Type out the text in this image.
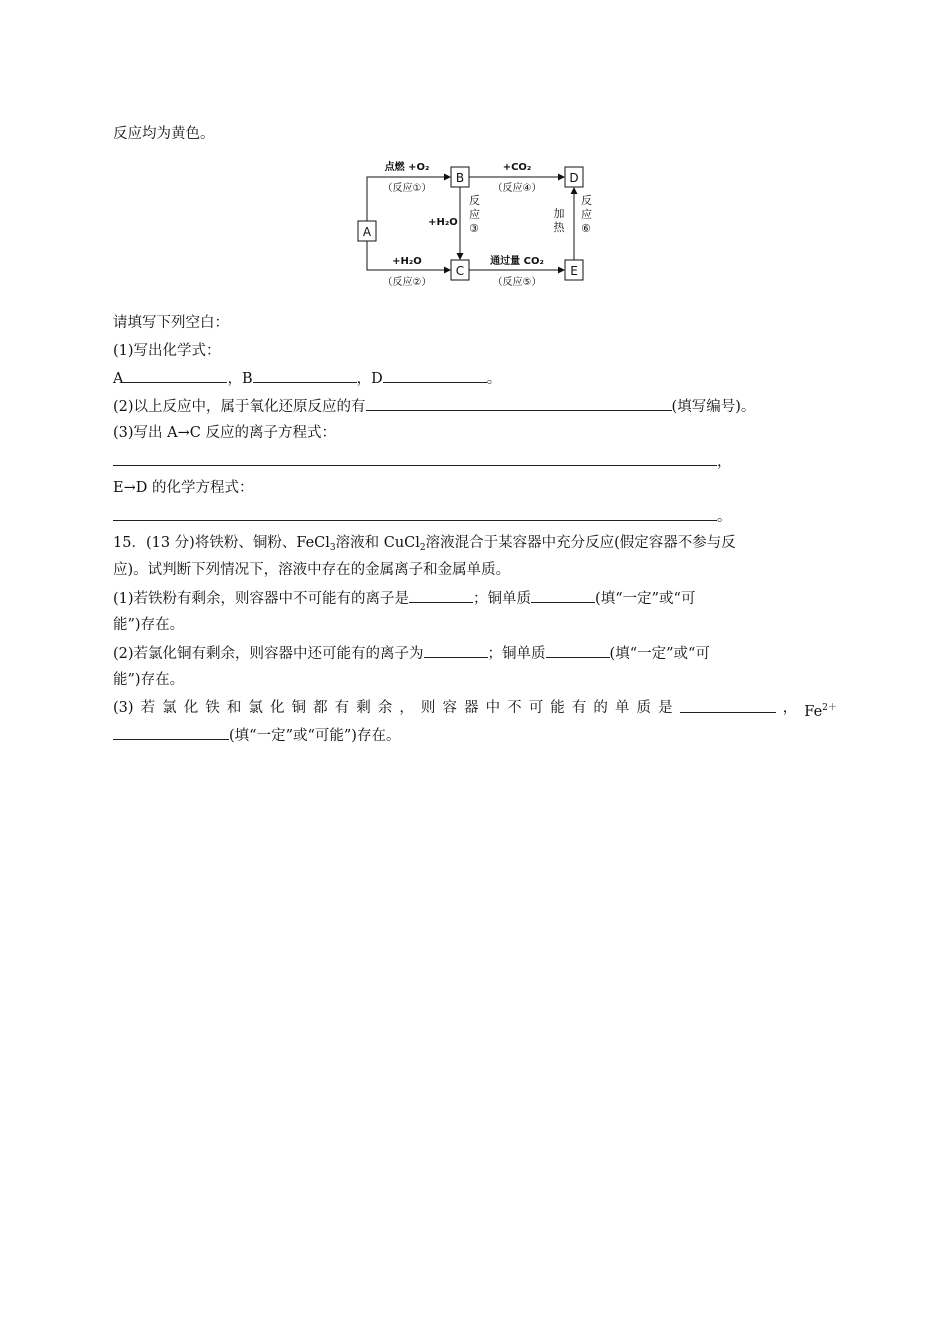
反应均为黄色。
A
B
C
D
E
点燃 +O₂
（反应①）
+CO₂
（反应④）
+H₂O
反
应
③
加
热
反
应
⑥
+H₂O
（反应②）
通过量 CO₂
（反应⑤）
请填写下列空白：
(1)写出化学式：
A	，B	，D	。
(2)以上反应中，属于氧化还原反应的有	(填写编号)。
(3)写出 A→C 反应的离子方程式：
，
E→D 的化学方程式：
。
15．(13 分)将铁粉、铜粉、FeCl$_3$溶液和 CuCl$_2$溶液混合于某容器中充分反应(假定容器不参与反
应)。试判断下列情况下，溶液中存在的金属离子和金属单质。
(1)若铁粉有剩余，则容器中不可能有的离子是	；铜单质	(填“一定”或“可
能”)存在。
(2)若氯化铜有剩余，则容器中还可能有的离子为	；铜单质	(填“一定”或“可
能”)存在。
(3) 若 氯 化 铁 和 氯 化 铜 都 有 剩 余 ， 则 容 器 中 不 可 能 有 的 单 质 是	， $Fe^{2+}$
(填“一定”或“可能”)存在。
